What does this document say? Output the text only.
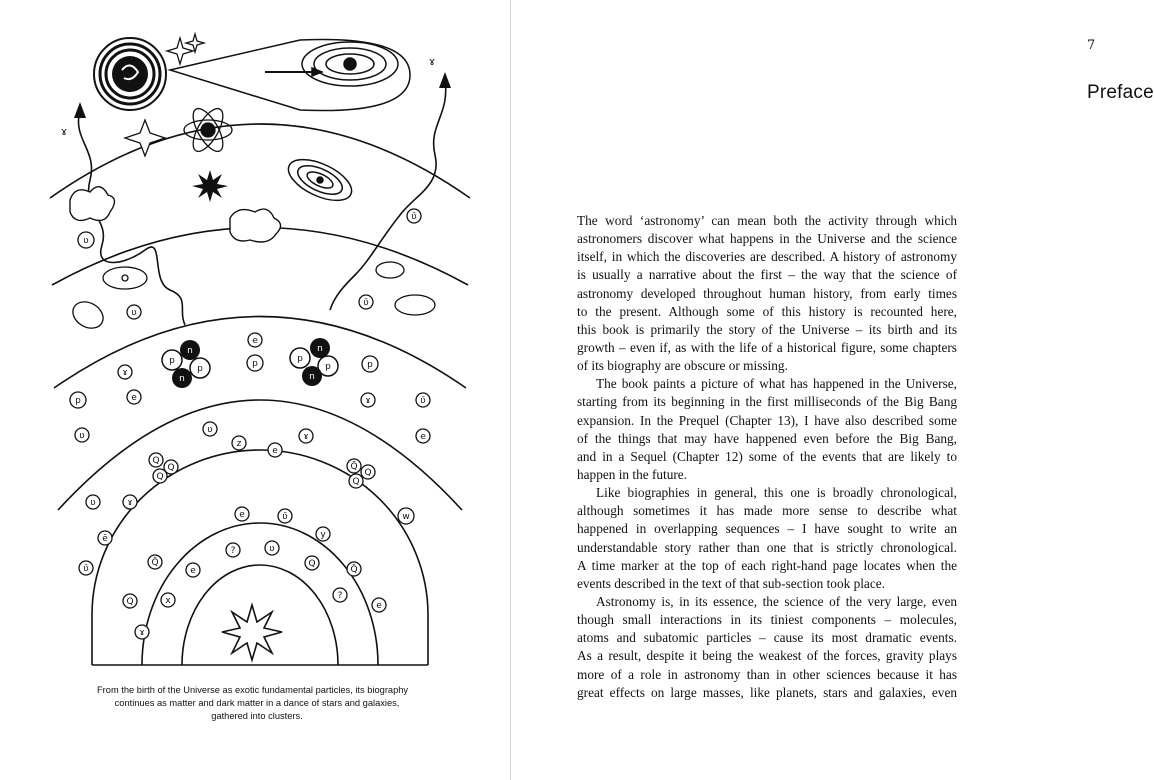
ɤ
ɤ
ʋ
ʋ̄
ʋ
ʋ̄
p
n
p
n
p
n
p
n
e
p	p
ɤ
e
p
ʋ
ɤ	ʋ̄
e
ʋ
z
e
ɤ
Q
Q
Q
Q̄
Q
Q
ʋ	ɤ
ē
ʋ̄
Q̄
e
?
e	ʋ̄
ʋ
y
Q
Q̄
w
?
e
Q	x
ɤ
From the birth of the Universe as exotic fundamental particles, its biography
continues as matter and dark matter in a dance of stars and galaxies,
gathered into clusters.
7
Preface
The word ‘astronomy’ can mean both the activity through which
astronomers discover what happens in the Universe and the science
itself, in which the discoveries are described. A history of astronomy
is usually a narrative about the first – the way that the science of
astronomy developed throughout human history, from early times
to the present. Although some of this history is recounted here,
this book is primarily the story of the Universe – its birth and its
growth – even if, as with the life of a historical figure, some chapters
of its biography are obscure or missing.
The book paints a picture of what has happened in the Universe,
starting from its beginning in the first milliseconds of the Big Bang
expansion. In the Prequel (Chapter 13), I have also described some
of the things that may have happened even before the Big Bang,
and in a Sequel (Chapter 12) some of the events that are likely to
happen in the future.
Like biographies in general, this one is broadly chronological,
although sometimes it has made more sense to describe what
happened in overlapping sequences – I have sought to write an
understandable story rather than one that is strictly chronological.
A time marker at the top of each right-hand page locates when the
events described in the text of that sub-section took place.
Astronomy is, in its essence, the science of the very large, even
though small interactions in its tiniest components – molecules,
atoms and subatomic particles – cause its most dramatic events.
As a result, despite it being the weakest of the forces, gravity plays
more of a role in astronomy than in other sciences because it has
great effects on large masses, like planets, stars and galaxies, even
